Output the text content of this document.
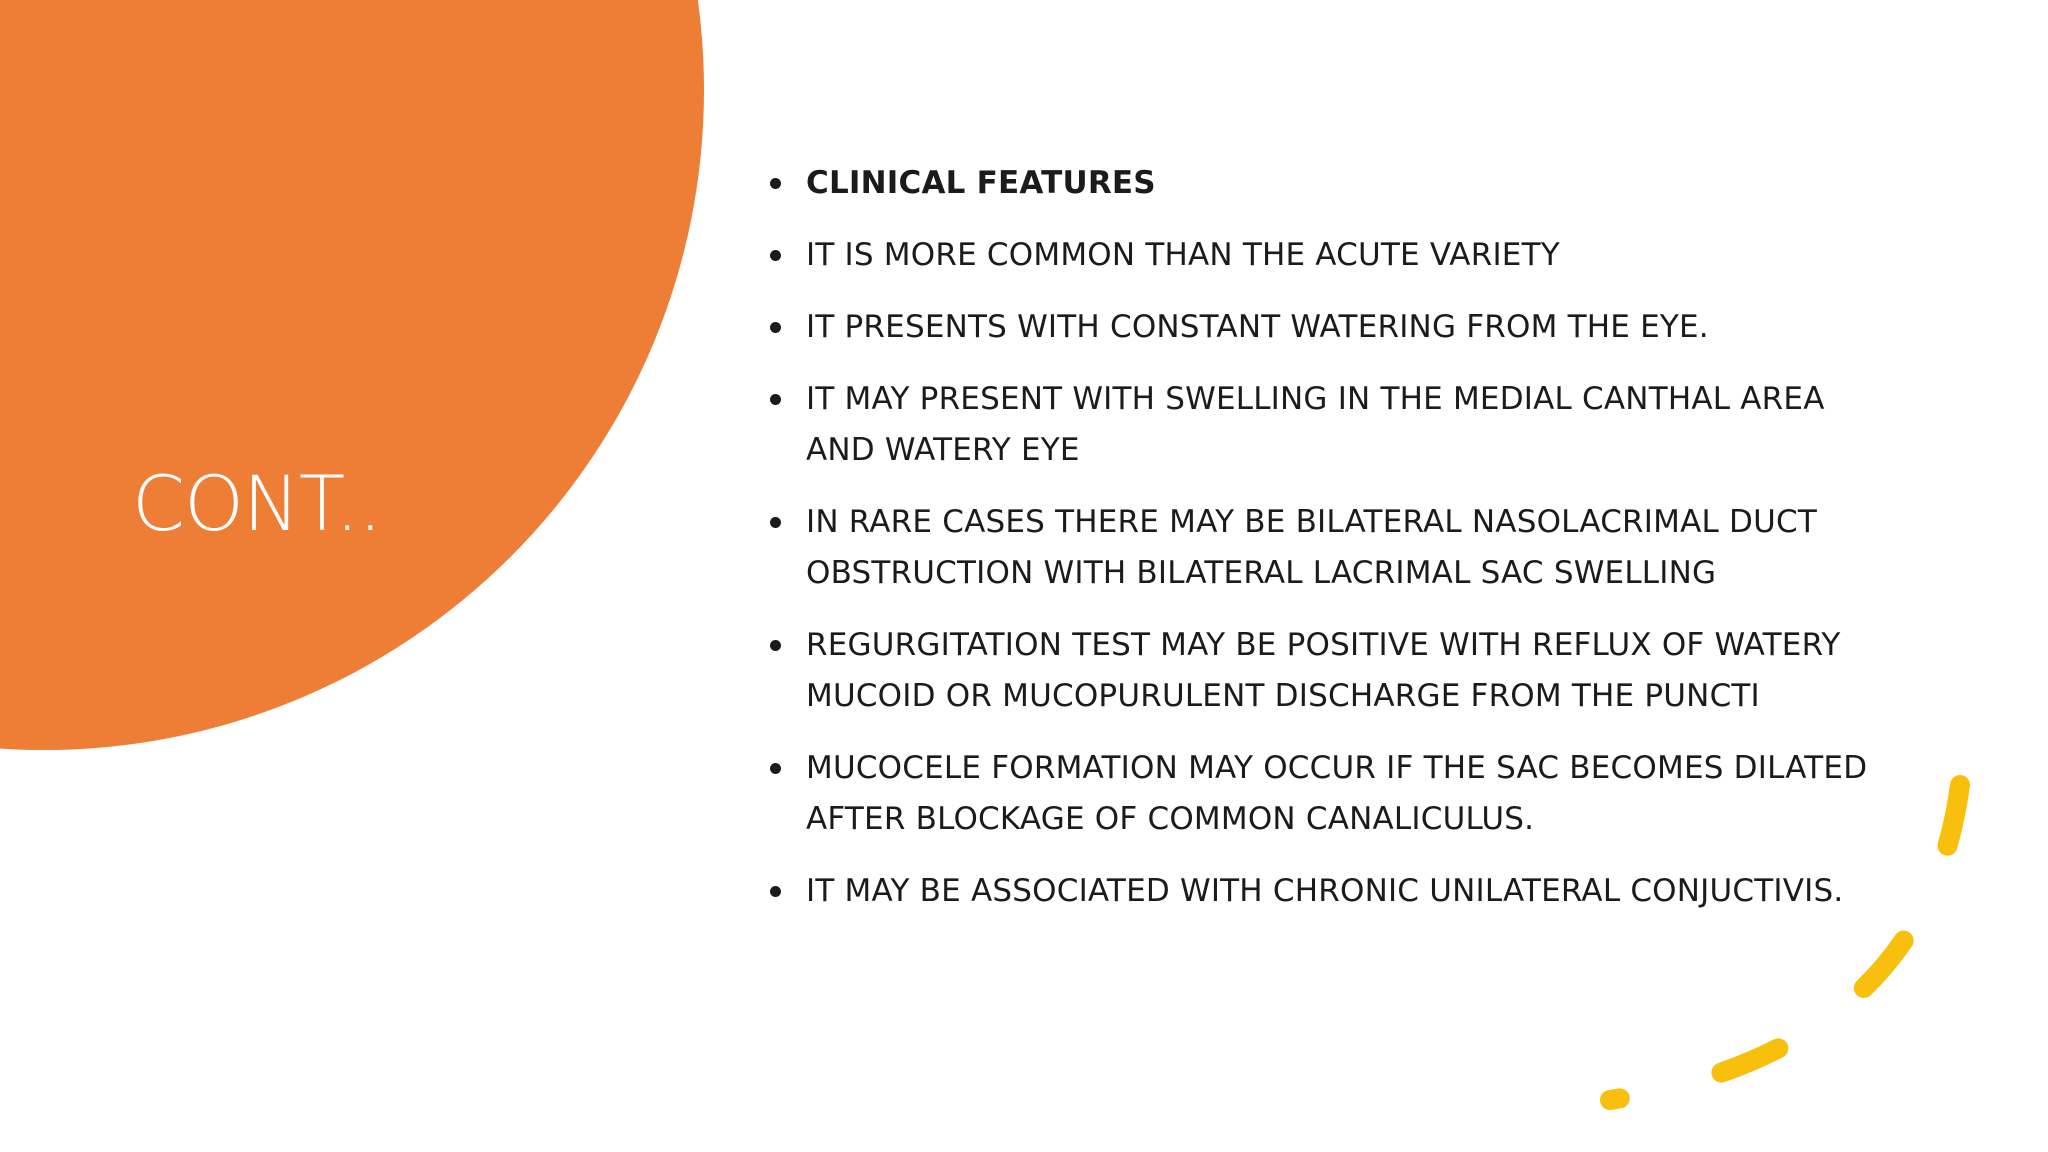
CONT..
CLINICAL FEATURES
IT IS MORE COMMON THAN THE ACUTE VARIETY
IT PRESENTS WITH CONSTANT WATERING FROM THE EYE.
IT MAY PRESENT WITH SWELLING IN THE MEDIAL CANTHAL AREA AND WATERY EYE
IN RARE CASES THERE MAY BE BILATERAL NASOLACRIMAL DUCT OBSTRUCTION WITH BILATERAL LACRIMAL SAC SWELLING
REGURGITATION TEST MAY BE POSITIVE WITH REFLUX OF WATERY MUCOID OR MUCOPURULENT DISCHARGE FROM THE PUNCTI
MUCOCELE FORMATION MAY OCCUR IF THE SAC BECOMES DILATED AFTER BLOCKAGE OF COMMON CANALICULUS.
IT MAY BE ASSOCIATED WITH CHRONIC UNILATERAL CONJUCTIVIS.
